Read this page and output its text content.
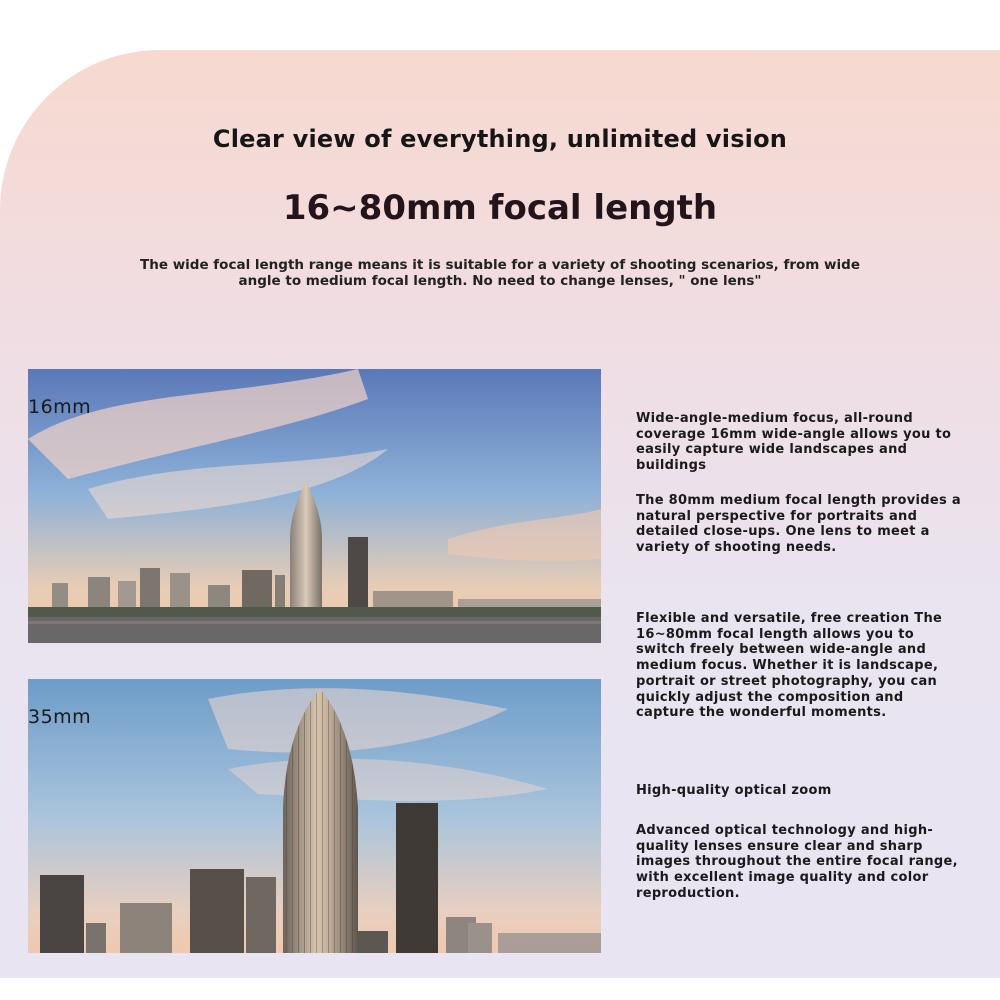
Clear view of everything, unlimited vision
16~80mm focal length

The wide focal length range means it is suitable for a variety of shooting scenarios, from wide angle to medium focal length. No need to change lenses, " one lens"

16mm
35mm

Wide-angle-medium focus, all-round coverage 16mm wide-angle allows you to easily capture wide landscapes and buildings

The 80mm medium focal length provides a natural perspective for portraits and detailed close-ups. One lens to meet a variety of shooting needs.

Flexible and versatile, free creation The 16~80mm focal length allows you to switch freely between wide-angle and medium focus. Whether it is landscape, portrait or street photography, you can quickly adjust the composition and capture the wonderful moments.

High-quality optical zoom

Advanced optical technology and high-quality lenses ensure clear and sharp images throughout the entire focal range, with excellent image quality and color reproduction.
